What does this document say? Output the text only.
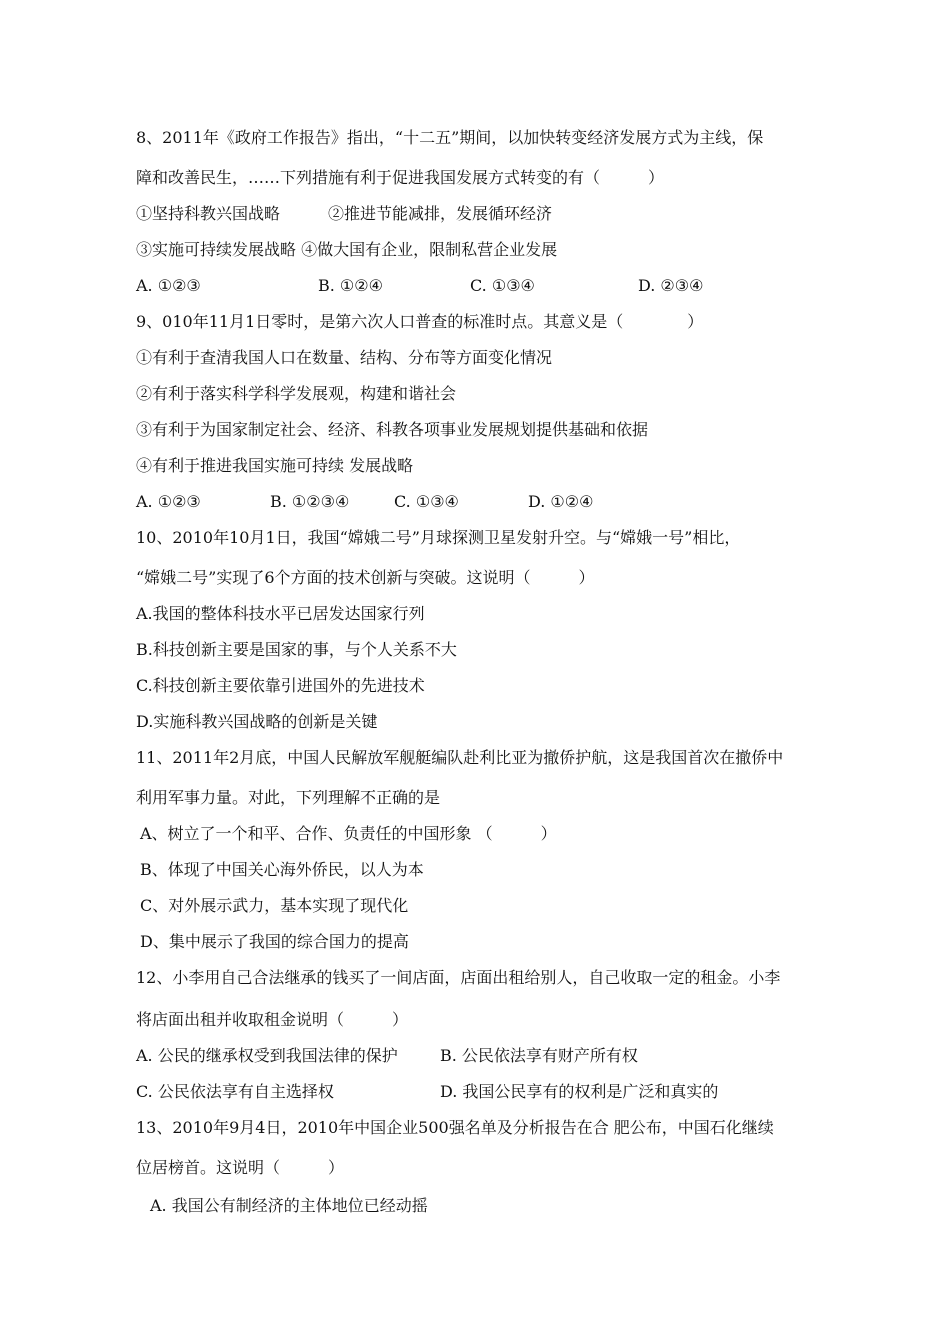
8、2011年《政府工作报告》指出，“十二五”期间，以加快转变经济发展方式为主线，保
障和改善民生，……下列措施有利于促进我国发展方式转变的有（　　　）
①坚持科教兴国战略　　　②推进节能减排，发展循环经济
③实施可持续发展战略 ④做大国有企业，限制私营企业发展
A. ①②③	B. ①②④	C. ①③④	D. ②③④
9、010年11月1日零时，是第六次人口普查的标准时点。其意义是（　　　　）
①有利于查清我国人口在数量、结构、分布等方面变化情况
②有利于落实科学科学发展观，构建和谐社会
③有利于为国家制定社会、经济、科教各项事业发展规划提供基础和依据
④有利于推进我国实施可持续 发展战略
A. ①②③	B. ①②③④	C. ①③④	D. ①②④
10、2010年10月1日，我国“嫦娥二号”月球探测卫星发射升空。与“嫦娥一号”相比，
“嫦娥二号”实现了6个方面的技术创新与突破。这说明（　　　）
A.我国的整体科技水平已居发达国家行列
B.科技创新主要是国家的事，与个人关系不大
C.科技创新主要依靠引进国外的先进技术
D.实施科教兴国战略的创新是关键
11、2011年2月底，中国人民解放军舰艇编队赴利比亚为撤侨护航，这是我国首次在撤侨中
利用军事力量。对此，下列理解不正确的是
A、树立了一个和平、合作、负责任的中国形象 （　　　）
B、体现了中国关心海外侨民，以人为本
C、对外展示武力，基本实现了现代化
D、集中展示了我国的综合国力的提高
12、小李用自己合法继承的钱买了一间店面，店面出租给别人，自己收取一定的租金。小李
将店面出租并收取租金说明（　　　）
A. 公民的继承权受到我国法律的保护	B. 公民依法享有财产所有权
C. 公民依法享有自主选择权	D. 我国公民享有的权利是广泛和真实的
13、2010年9月4日，2010年中国企业500强名单及分析报告在合 肥公布，中国石化继续
位居榜首。这说明（　　　）
A. 我国公有制经济的主体地位已经动摇
